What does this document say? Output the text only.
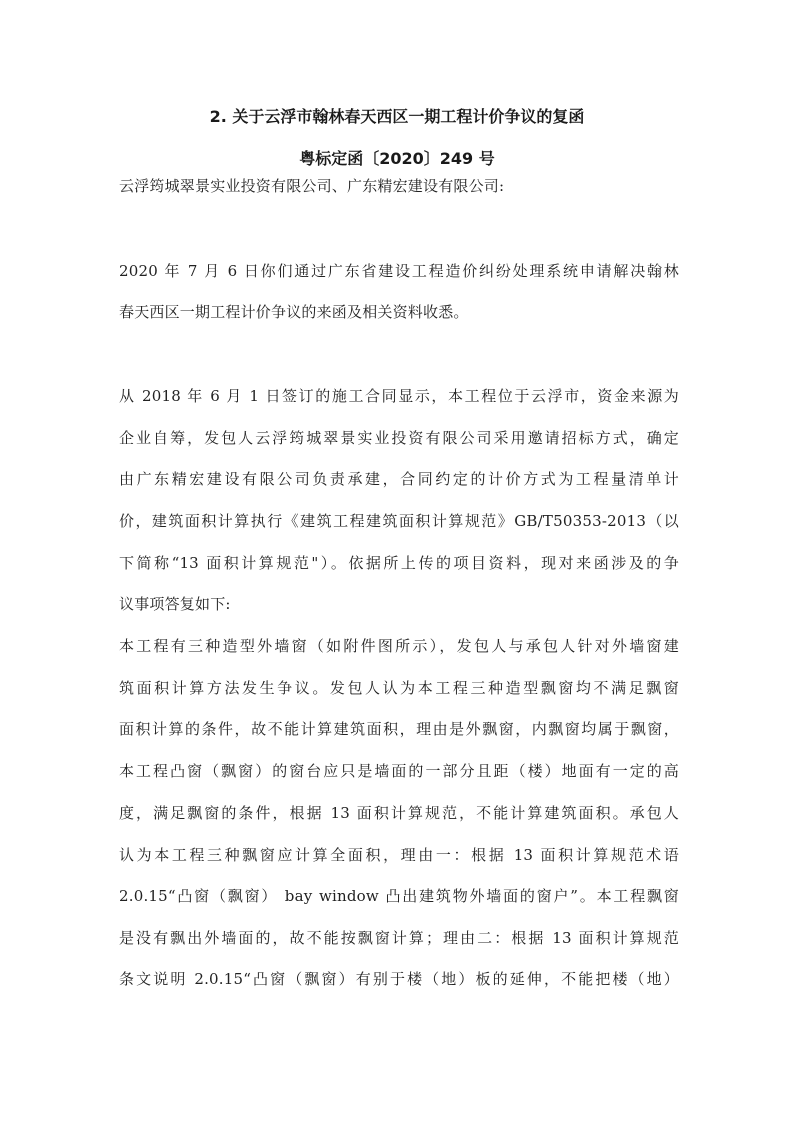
2. 关于云浮市翰林春天西区一期工程计价争议的复函
粤标定函〔2020〕249 号
云浮筠城翠景实业投资有限公司、广东精宏建设有限公司:
2020 年 7 月 6 日你们通过广东省建设工程造价纠纷处理系统申请解决翰林
春天西区一期工程计价争议的来函及相关资料收悉。
从 2018 年 6 月 1 日签订的施工合同显示，本工程位于云浮市，资金来源为
企业自筹，发包人云浮筠城翠景实业投资有限公司采用邀请招标方式，确定
由广东精宏建设有限公司负责承建，合同约定的计价方式为工程量清单计
价，建筑面积计算执行《建筑工程建筑面积计算规范》GB/T50353-2013（以
下简称“13 面积计算规范"）。依据所上传的项目资料，现对来函涉及的争
议事项答复如下:
本工程有三种造型外墙窗（如附件图所示），发包人与承包人针对外墙窗建
筑面积计算方法发生争议。发包人认为本工程三种造型飘窗均不满足飘窗
面积计算的条件，故不能计算建筑面积，理由是外飘窗，内飘窗均属于飘窗，
本工程凸窗（飘窗）的窗台应只是墙面的一部分且距（楼）地面有一定的高
度，满足飘窗的条件，根据 13 面积计算规范，不能计算建筑面积。承包人
认为本工程三种飘窗应计算全面积，理由一：根据 13 面积计算规范术语
2.0.15“凸窗（飘窗） bay window 凸出建筑物外墙面的窗户”。本工程飘窗
是没有飘出外墙面的，故不能按飘窗计算；理由二：根据 13 面积计算规范
条文说明 2.0.15“凸窗（飘窗）有别于楼（地）板的延伸，不能把楼（地）
